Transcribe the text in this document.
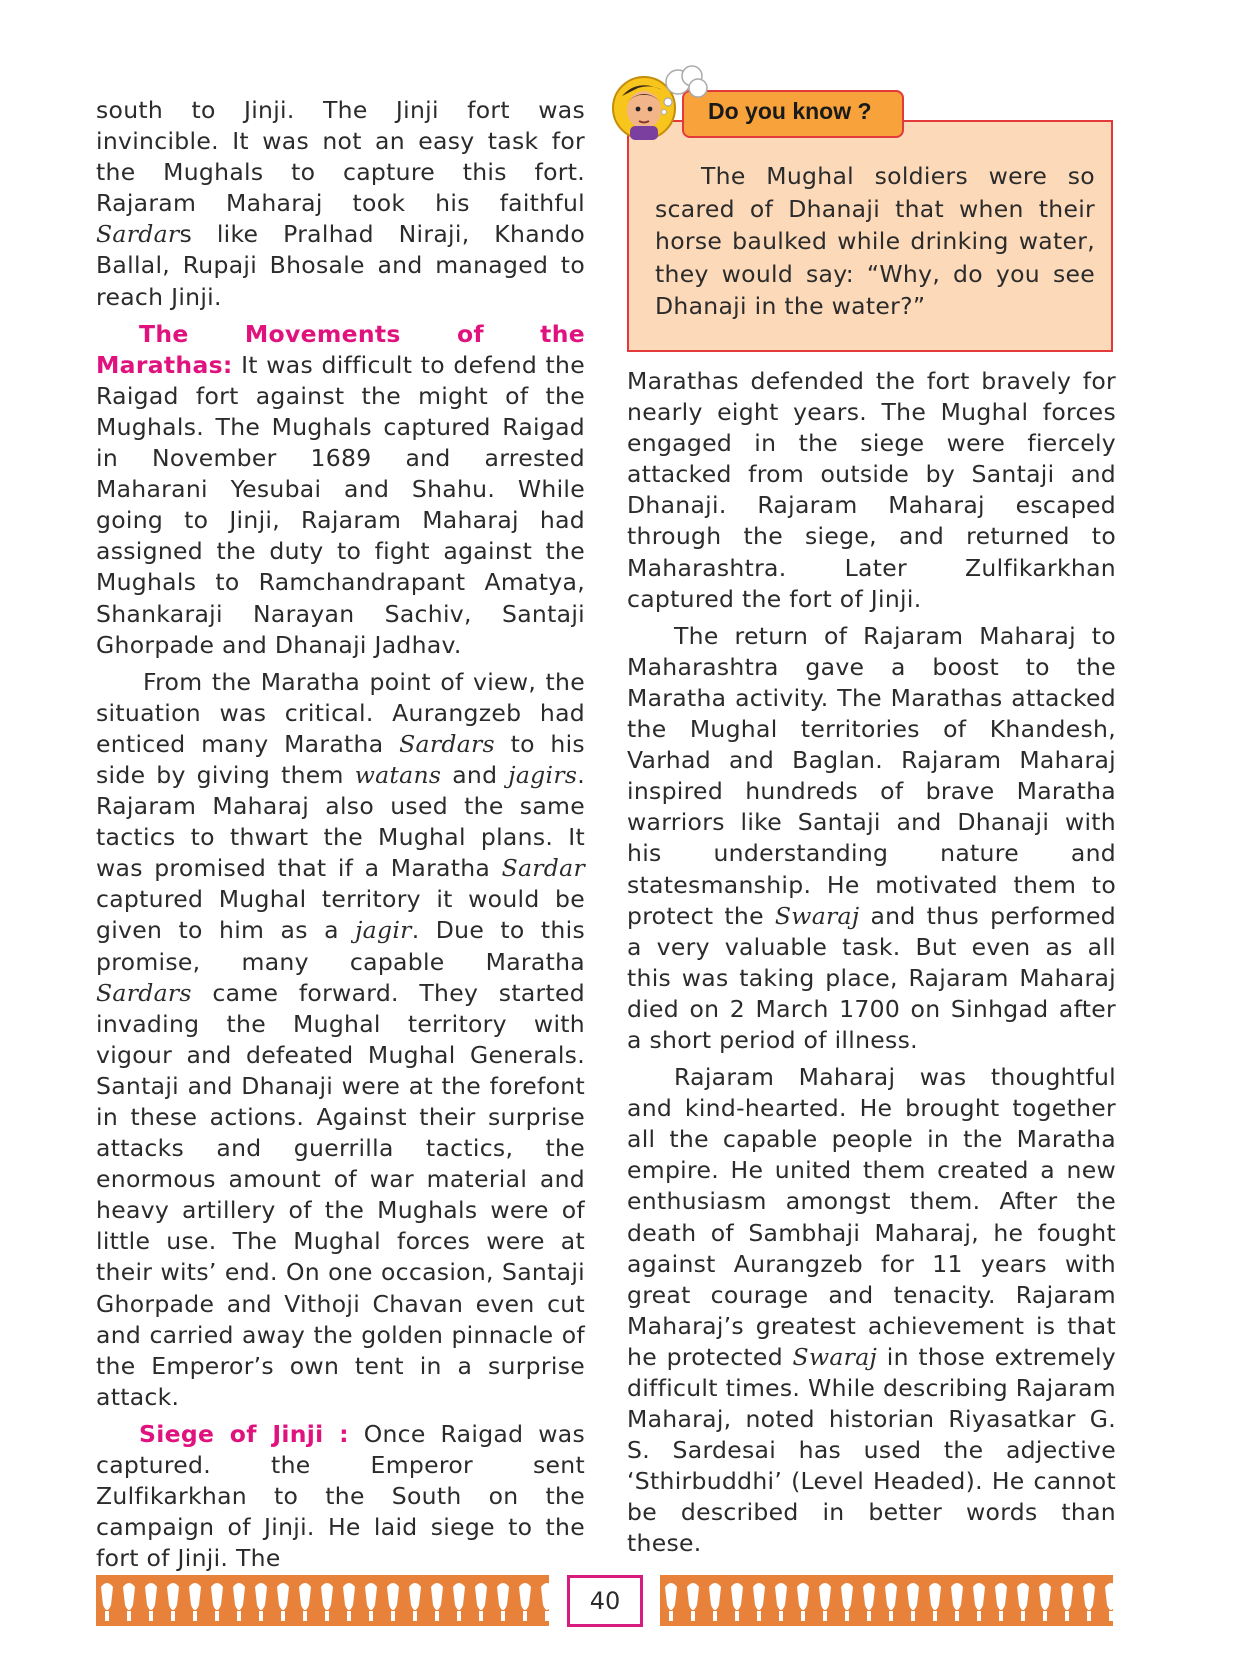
south to Jinji. The Jinji fort was invincible. It was not an easy task for the Mughals to capture this fort. Rajaram Maharaj took his faithful Sardars like Pralhad Niraji, Khando Ballal, Rupaji Bhosale and managed to reach Jinji.

The Movements of the Marathas: It was difficult to defend the Raigad fort against the might of the Mughals. The Mughals captured Raigad in November 1689 and arrested Maharani Yesubai and Shahu. While going to Jinji, Rajaram Maharaj had assigned the duty to fight against the Mughals to Ramchandrapant Amatya, Shankaraji Narayan Sachiv, Santaji Ghorpade and Dhanaji Jadhav.

From the Maratha point of view, the situation was critical. Aurangzeb had enticed many Maratha Sardars to his side by giving them watans and jagirs. Rajaram Maharaj also used the same tactics to thwart the Mughal plans. It was promised that if a Maratha Sardar captured Mughal territory it would be given to him as a jagir. Due to this promise, many capable Maratha Sardars came forward. They started invading the Mughal territory with vigour and defeated Mughal Generals. Santaji and Dhanaji were at the forefont in these actions. Against their surprise attacks and guerrilla tactics, the enormous amount of war material and heavy artillery of the Mughals were of little use. The Mughal forces were at their wits’ end. On one occasion, Santaji Ghorpade and Vithoji Chavan even cut and carried away the golden pinnacle of the Emperor’s own tent in a surprise attack.

Siege of Jinji : Once Raigad was captured. the Emperor sent Zulfikarkhan to the South on the campaign of Jinji. He laid siege to the fort of Jinji. The

The Mughal soldiers were so scared of Dhanaji that when their horse baulked while drinking water, they would say: “Why, do you see Dhanaji in the water?”
Do you know ?

Marathas defended the fort bravely for nearly eight years. The Mughal forces engaged in the siege were fiercely attacked from outside by Santaji and Dhanaji. Rajaram Maharaj escaped through the siege, and returned to Maharashtra. Later Zulfikarkhan captured the fort of Jinji.

The return of Rajaram Maharaj to Maharashtra gave a boost to the Maratha activity. The Marathas attacked the Mughal territories of Khandesh, Varhad and Baglan. Rajaram Maharaj inspired hundreds of brave Maratha warriors like Santaji and Dhanaji with his understanding nature and statesmanship. He motivated them to protect the Swaraj and thus performed a very valuable task. But even as all this was taking place, Rajaram Maharaj died on 2 March 1700 on Sinhgad after a short period of illness.

Rajaram Maharaj was thoughtful and kind-hearted. He brought together all the capable people in the Maratha empire. He united them created a new enthusiasm amongst them. After the death of Sambhaji Maharaj, he fought against Aurangzeb for 11 years with great courage and tenacity. Rajaram Maharaj’s greatest achievement is that he protected Swaraj in those extremely difficult times. While describing Rajaram Maharaj, noted historian Riyasatkar G. S. Sardesai has used the adjective ‘Sthirbuddhi’ (Level Headed). He cannot be described in better words than these.

40
